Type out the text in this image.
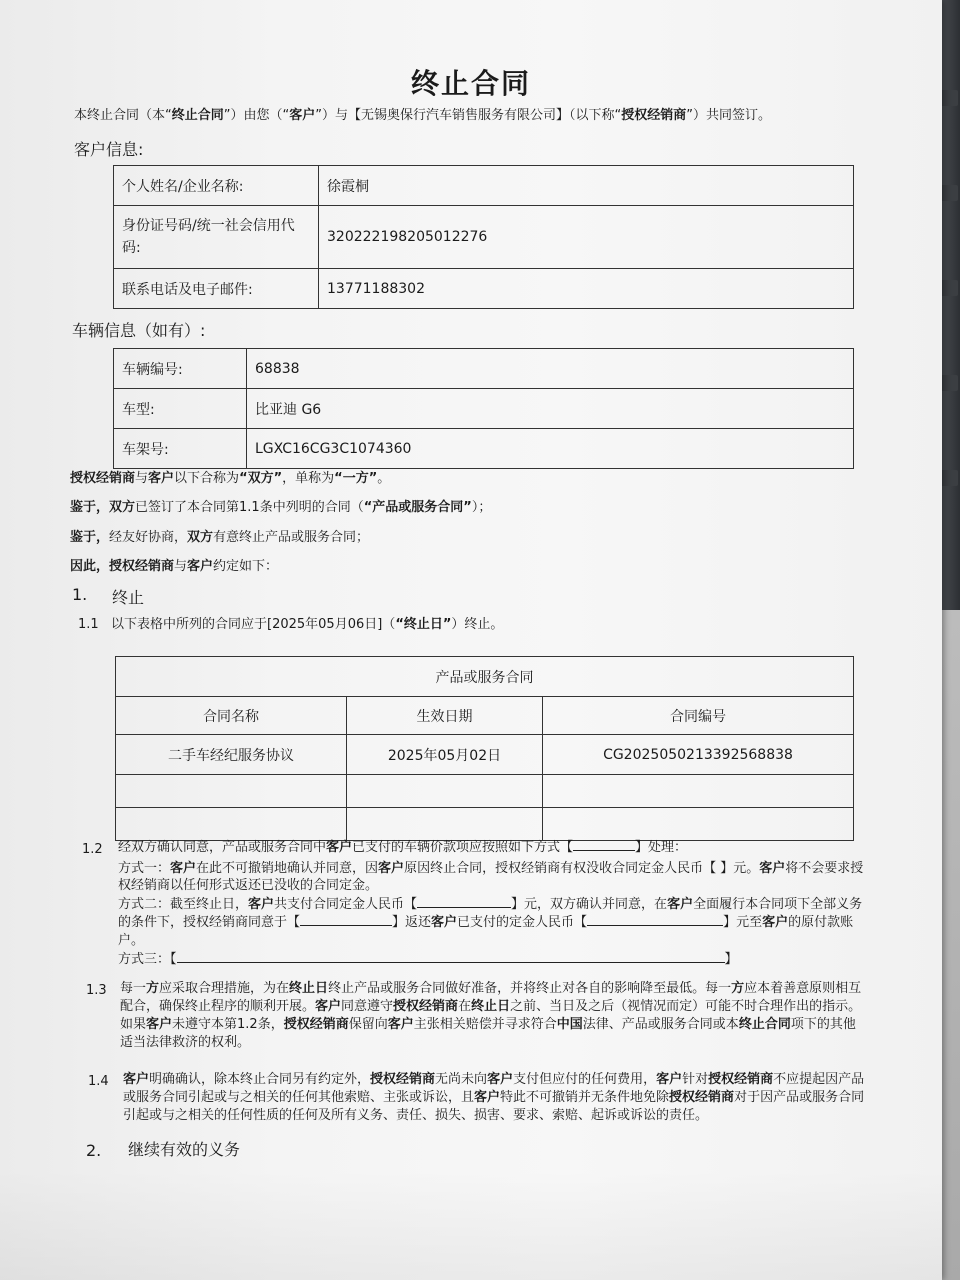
终止合同
本终止合同（本“终止合同”）由您（“客户”）与【无锡奥保行汽车销售服务有限公司】（以下称“授权经销商”）共同签订。
客户信息:
个人姓名/企业名称:	徐霞桐
身份证号码/统一社会信用代码:	320222198205012276
联系电话及电子邮件:	13771188302
车辆信息（如有）:
车辆编号:	68838
车型:	比亚迪 G6
车架号:	LGXC16CG3C1074360
授权经销商与客户以下合称为“双方”，单称为“一方”。
鉴于，双方已签订了本合同第1.1条中列明的合同（“产品或服务合同”）；
鉴于，经友好协商，双方有意终止产品或服务合同；
因此，授权经销商与客户约定如下：
1. 终止
1.1 以下表格中所列的合同应于[2025年05月06日]（“终止日”）终止。
产品或服务合同		
合同名称	生效日期	合同编号
二手车经纪服务协议	2025年05月02日	CG2025050213392568838

1.2 经双方确认同意，产品或服务合同中客户已支付的车辆价款项应按照如下方式【	】处理：
方式一：客户在此不可撤销地确认并同意，因客户原因终止合同，授权经销商有权没收合同定金人民币【 】元。客户将不会要求授
权经销商以任何形式返还已没收的合同定金。
方式二：截至终止日，客户共支付合同定金人民币【	】元，双方确认并同意，在客户全面履行本合同项下全部义务
的条件下，授权经销商同意于【	】返还客户已支付的定金人民币【	】元至客户的原付款账
户。
方式三：【	】
1.3 每一方应采取合理措施，为在终止日终止产品或服务合同做好准备，并将终止对各自的影响降至最低。每一方应本着善意原则相互
配合，确保终止程序的顺利开展。客户同意遵守授权经销商在终止日之前、当日及之后（视情况而定）可能不时合理作出的指示。
如果客户未遵守本第1.2条，授权经销商保留向客户主张相关赔偿并寻求符合中国法律、产品或服务合同或本终止合同项下的其他
适当法律救济的权利。
1.4 客户明确确认，除本终止合同另有约定外，授权经销商无尚未向客户支付但应付的任何费用，客户针对授权经销商不应提起因产品
或服务合同引起或与之相关的任何其他索赔、主张或诉讼，且客户特此不可撤销并无条件地免除授权经销商对于因产品或服务合同
引起或与之相关的任何性质的任何及所有义务、责任、损失、损害、要求、索赔、起诉或诉讼的责任。
2. 继续有效的义务
